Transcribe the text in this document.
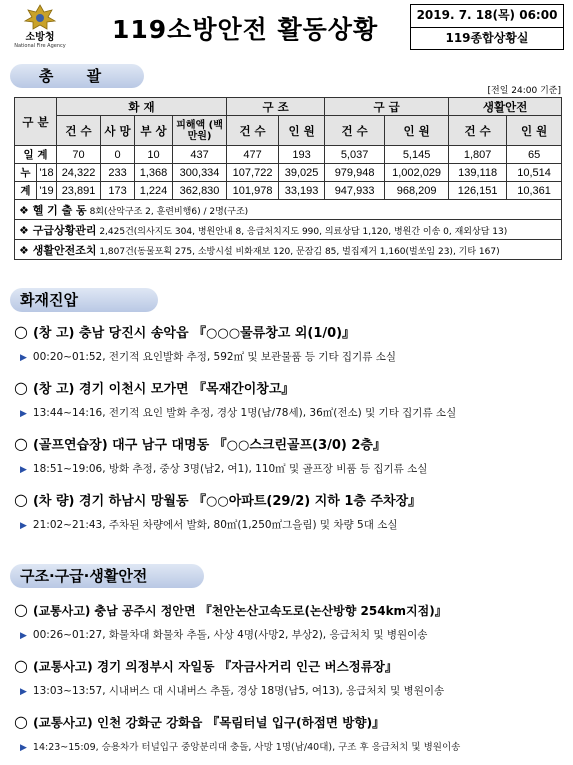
소방청
National Fire Agency
119소방안전 활동상황	2019. 7. 18(목) 06:00
119종합상황실
총 괄
[전일 24:00 기준]
구 분		화 재				구 조		구 급		생활안전	
		건 수	사 망	부 상	피해액 (백만원)	건 수	인 원	건 수	인 원	건 수	인 원
일 계		70	0	10	437	477	193	5,037	5,145	1,807	65
누	'18	24,322	233	1,368	300,334	107,722	39,025	979,948	1,002,029	139,118	10,514
계	'19	23,891	173	1,224	362,830	101,978	33,193	947,933	968,209	126,151	10,361
❖ 헬 기 출 동 8회(산악구조 2, 훈련비행6) / 2명(구조)											
❖ 구급상황관리 2,425건(의사지도 304, 병원안내 8, 응급처치지도 990, 의료상담 1,120, 병원간 이송 0, 재외상담 13)											
❖ 생활안전조치 1,807건(동물포획 275, 소방시설 비화재보 120, 문잠김 85, 벌집제거 1,160(벌쏘임 23), 기타 167)											
화재진압
○ (창 고) 충남 당진시 송악읍 『○○○물류창고 외(1/0)』
▶ 00:20~01:52, 전기적 요인발화 추정, 592㎡ 및 보관물품 등 기타 집기류 소실
○ (창 고) 경기 이천시 모가면 『목재간이창고』
▶ 13:44~14:16, 전기적 요인 발화 추정, 경상 1명(남/78세), 36㎡(전소) 및 기타 집기류 소실
○ (골프연습장) 대구 남구 대명동 『○○스크린골프(3/0) 2층』
▶ 18:51~19:06, 방화 추정, 중상 3명(남2, 여1), 110㎡ 및 골프장 비품 등 집기류 소실
○ (차 량) 경기 하남시 망월동 『○○아파트(29/2) 지하 1층 주차장』
▶ 21:02~21:43, 주차된 차량에서 발화, 80㎡(1,250㎡그을림) 및 차량 5대 소실
구조·구급·생활안전
○ (교통사고) 충남 공주시 정안면 『천안논산고속도로(논산방향 254km지점)』
▶ 00:26~01:27, 화물차대 화물차 추돌, 사상 4명(사망2, 부상2), 응급처치 및 병원이송
○ (교통사고) 경기 의정부시 자일동 『자금사거리 인근 버스정류장』
▶ 13:03~13:57, 시내버스 대 시내버스 추돌, 경상 18명(남5, 여13), 응급처치 및 병원이송
○ (교통사고) 인천 강화군 강화읍 『목림터널 입구(하점면 방향)』
▶ 14:23~15:09, 승용차가 터널입구 중앙분리대 충돌, 사망 1명(남/40대), 구조 후 응급처치 및 병원이송
